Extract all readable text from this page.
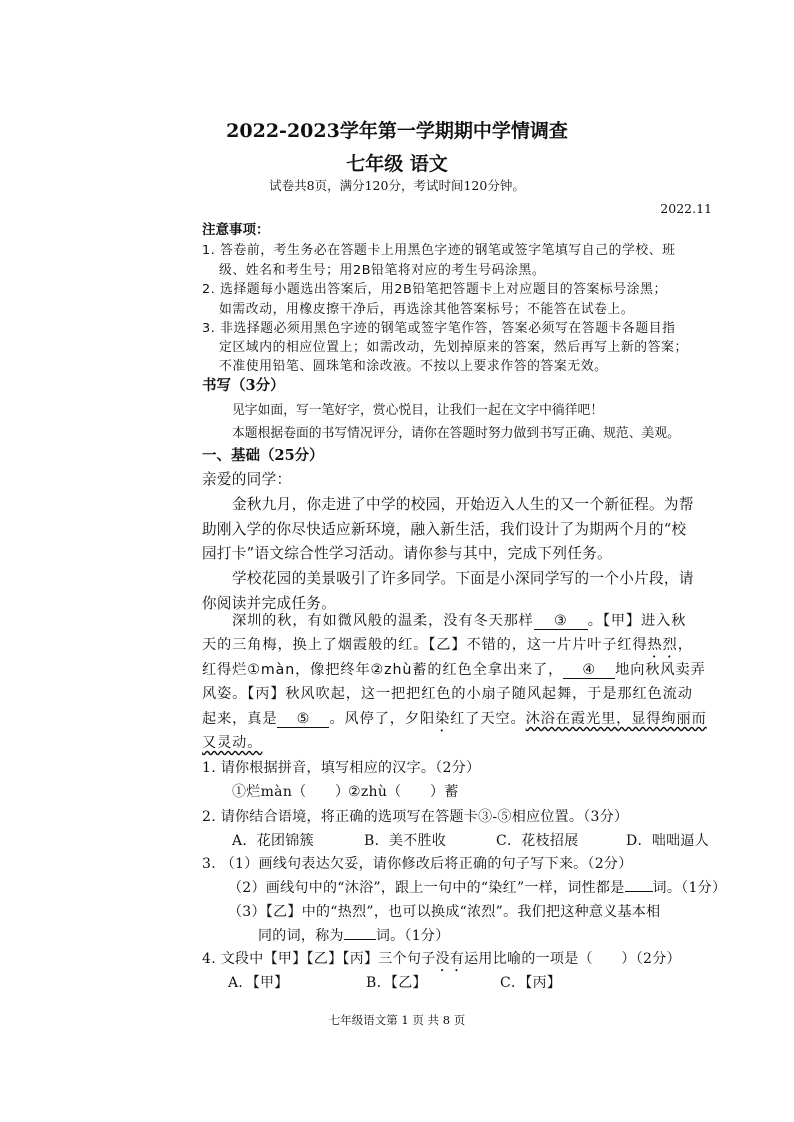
2022-2023学年第一学期期中学情调查
七年级 语文
试卷共8页，满分120分，考试时间120分钟。
2022.11
注意事项：
1. 答卷前，考生务必在答题卡上用黑色字迹的钢笔或签字笔填写自己的学校、班
级、姓名和考生号；用2B铅笔将对应的考生号码涂黑。
2. 选择题每小题选出答案后，用2B铅笔把答题卡上对应题目的答案标号涂黑；
如需改动，用橡皮擦干净后，再选涂其他答案标号；不能答在试卷上。
3. 非选择题必须用黑色字迹的钢笔或签字笔作答，答案必须写在答题卡各题目指
定区域内的相应位置上；如需改动，先划掉原来的答案，然后再写上新的答案；
不准使用铅笔、圆珠笔和涂改液。不按以上要求作答的答案无效。
书写（3分）
见字如面，写一笔好字，赏心悦目，让我们一起在文字中徜徉吧！
本题根据卷面的书写情况评分，请你在答题时努力做到书写正确、规范、美观。
一、基础（25分）
亲爱的同学：
金秋九月，你走进了中学的校园，开始迈入人生的又一个新征程。为帮
助刚入学的你尽快适应新环境，融入新生活，我们设计了为期两个月的“校
园打卡”语文综合性学习活动。请你参与其中，完成下列任务。
学校花园的美景吸引了许多同学。下面是小深同学写的一个小片段，请
你阅读并完成任务。
深圳的秋，有如微风般的温柔，没有冬天那样 ③ 。【甲】进入秋
天的三角梅，换上了烟霞般的红。【乙】不错的，这一片片叶子红得热烈，
红得烂①màn，像把终年②zhù蓄的红色全拿出来了， ④ 地向秋风卖弄
风姿。【丙】秋风吹起，这一把把红色的小扇子随风起舞，于是那红色流动
起来，真是 ⑤ 。风停了，夕阳染红了天空。沐浴在霞光里，显得绚丽而
又灵动。
1. 请你根据拼音，填写相应的汉字。（2分）
①烂màn（　　）
②zhù（　　）蓄
2. 请你结合语境，将正确的选项写在答题卡③-⑤相应位置。（3分）
A．花团锦簇	B．美不胜收	C．花枝招展	D．咄咄逼人
3. （1）画线句表达欠妥，请你修改后将正确的句子写下来。（2分）
（2）画线句中的“沐浴”，跟上一句中的“染红”一样，词性都是 词。（1分）
（3）【乙】中的“热烈”，也可以换成“浓烈”。我们把这种意义基本相
同的词，称为 词。（1分）
4. 文段中【甲】【乙】【丙】三个句子没有运用比喻的一项是（　　）（2分）
A．【甲】	B．【乙】	C．【丙】
七年级语文第 1 页 共 8 页
